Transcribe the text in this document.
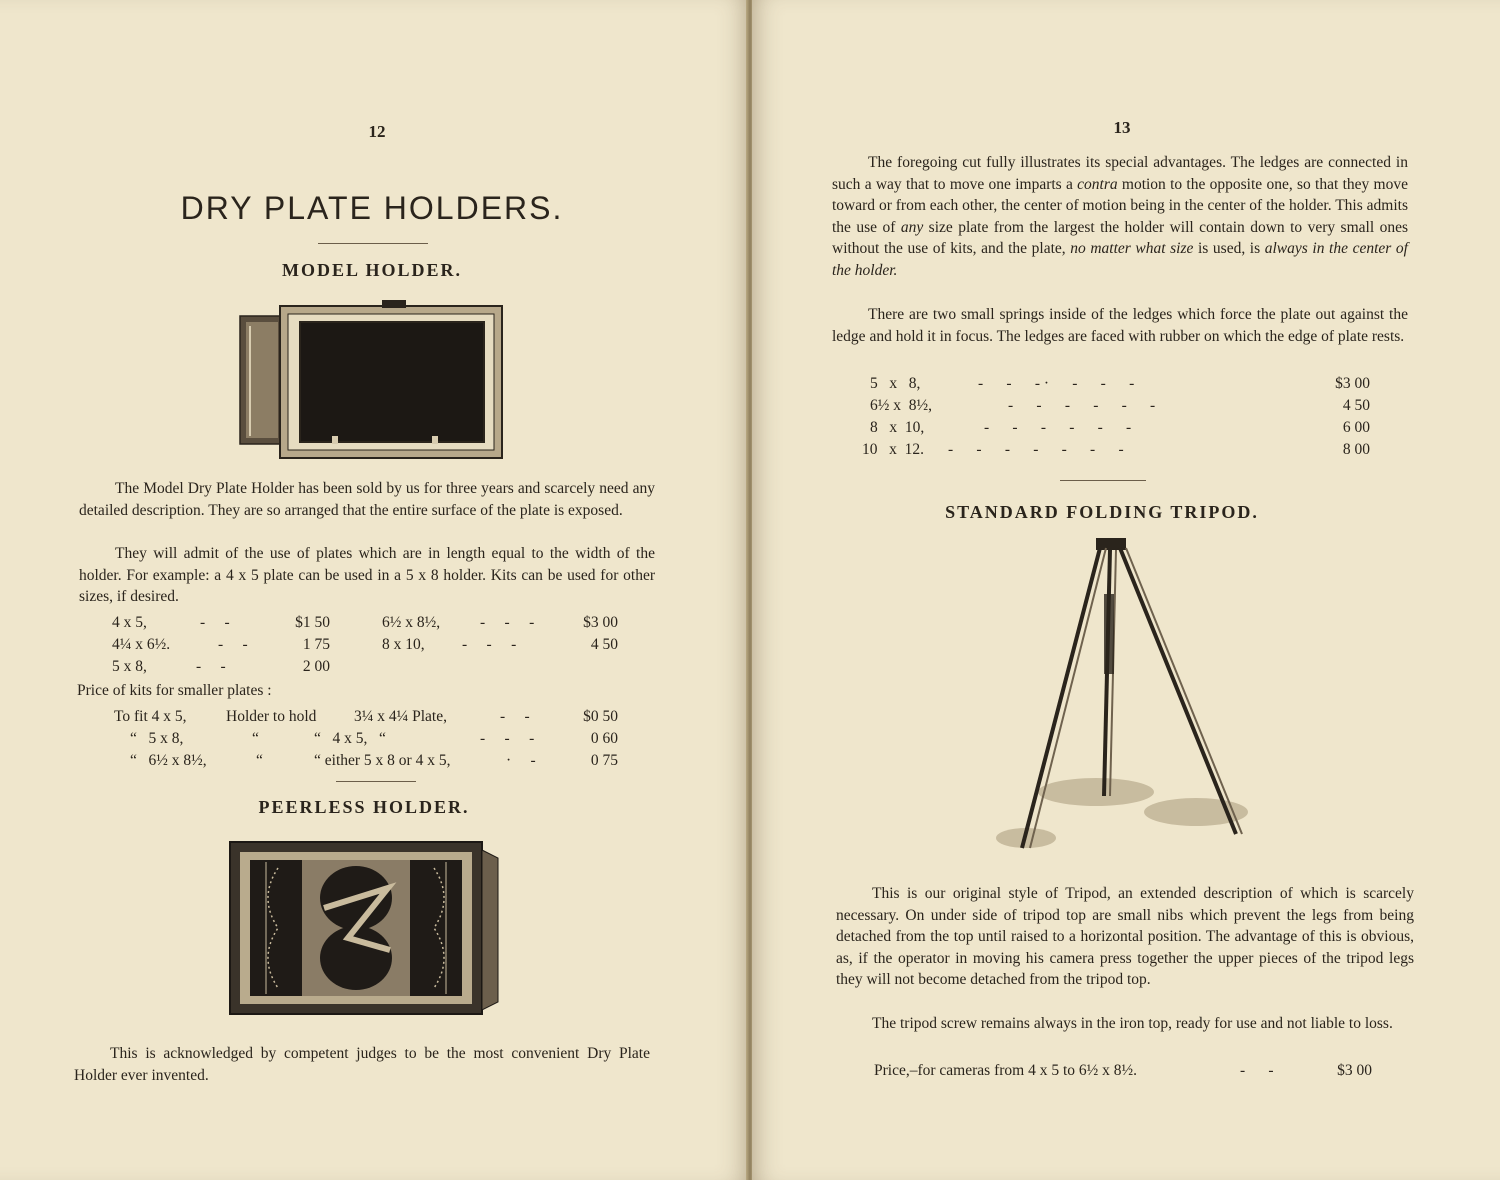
12
DRY PLATE HOLDERS.
MODEL HOLDER.
The Model Dry Plate Holder has been sold by us for three years and scarcely need any detailed description. They are so arranged that the entire surface of the plate is exposed.
They will admit of the use of plates which are in length equal to the width of the holder. For example: a 4 x 5 plate can be used in a 5 x 8 holder. Kits can be used for other sizes, if desired.
4 x 5,	-     -	$1 50	6½ x 8½,	-     -     -	$3 00
4¼ x 6½.	-     -	1 75	8 x 10, -     -     -	4 50
5 x 8,	-     -	2 00
Price of kits for smaller plates :
To fit 4 x 5,	Holder to hold 3¼ x 4¼ Plate,	-     -	$0 50
“   5 x 8,	“	“   4 x 5,   “	-     -     -	0 60
“   6½ x 8½,	“	“ either 5 x 8 or 4 x 5,	·     -	0 75
PEERLESS HOLDER.
This is acknowledged by competent judges to be the most convenient Dry Plate Holder ever invented.
13
The foregoing cut fully illustrates its special advantages. The ledges are connected in such a way that to move one imparts a contra motion to the opposite one, so that they move toward or from each other, the center of motion being in the center of the holder. This admits the use of any size plate from the largest the holder will contain down to very small ones without the use of kits, and the plate, no matter what size is used, is always in the center of the holder.
There are two small springs inside of the ledges which force the plate out against the ledge and hold it in focus. The ledges are faced with rubber on which the edge of plate rests.
5   x   8,	-      -      - ·      -      -      -	$3 00
6½ x  8½,	-      -      -      -      -      -	4 50
8   x  10,	-      -      -      -      -      -	6 00
10   x  12. -      -      -      -      -      -      -	8 00
STANDARD FOLDING TRIPOD.
This is our original style of Tripod, an extended description of which is scarcely necessary. On under side of tripod top are small nibs which prevent the legs from being detached from the top until raised to a horizontal position. The advantage of this is obvious, as, if the operator in moving his camera press together the upper pieces of the tripod legs they will not become detached from the tripod top.
The tripod screw remains always in the iron top, ready for use and not liable to loss.
Price,–for cameras from 4 x 5 to 6½ x 8½.	-      -	$3 00
